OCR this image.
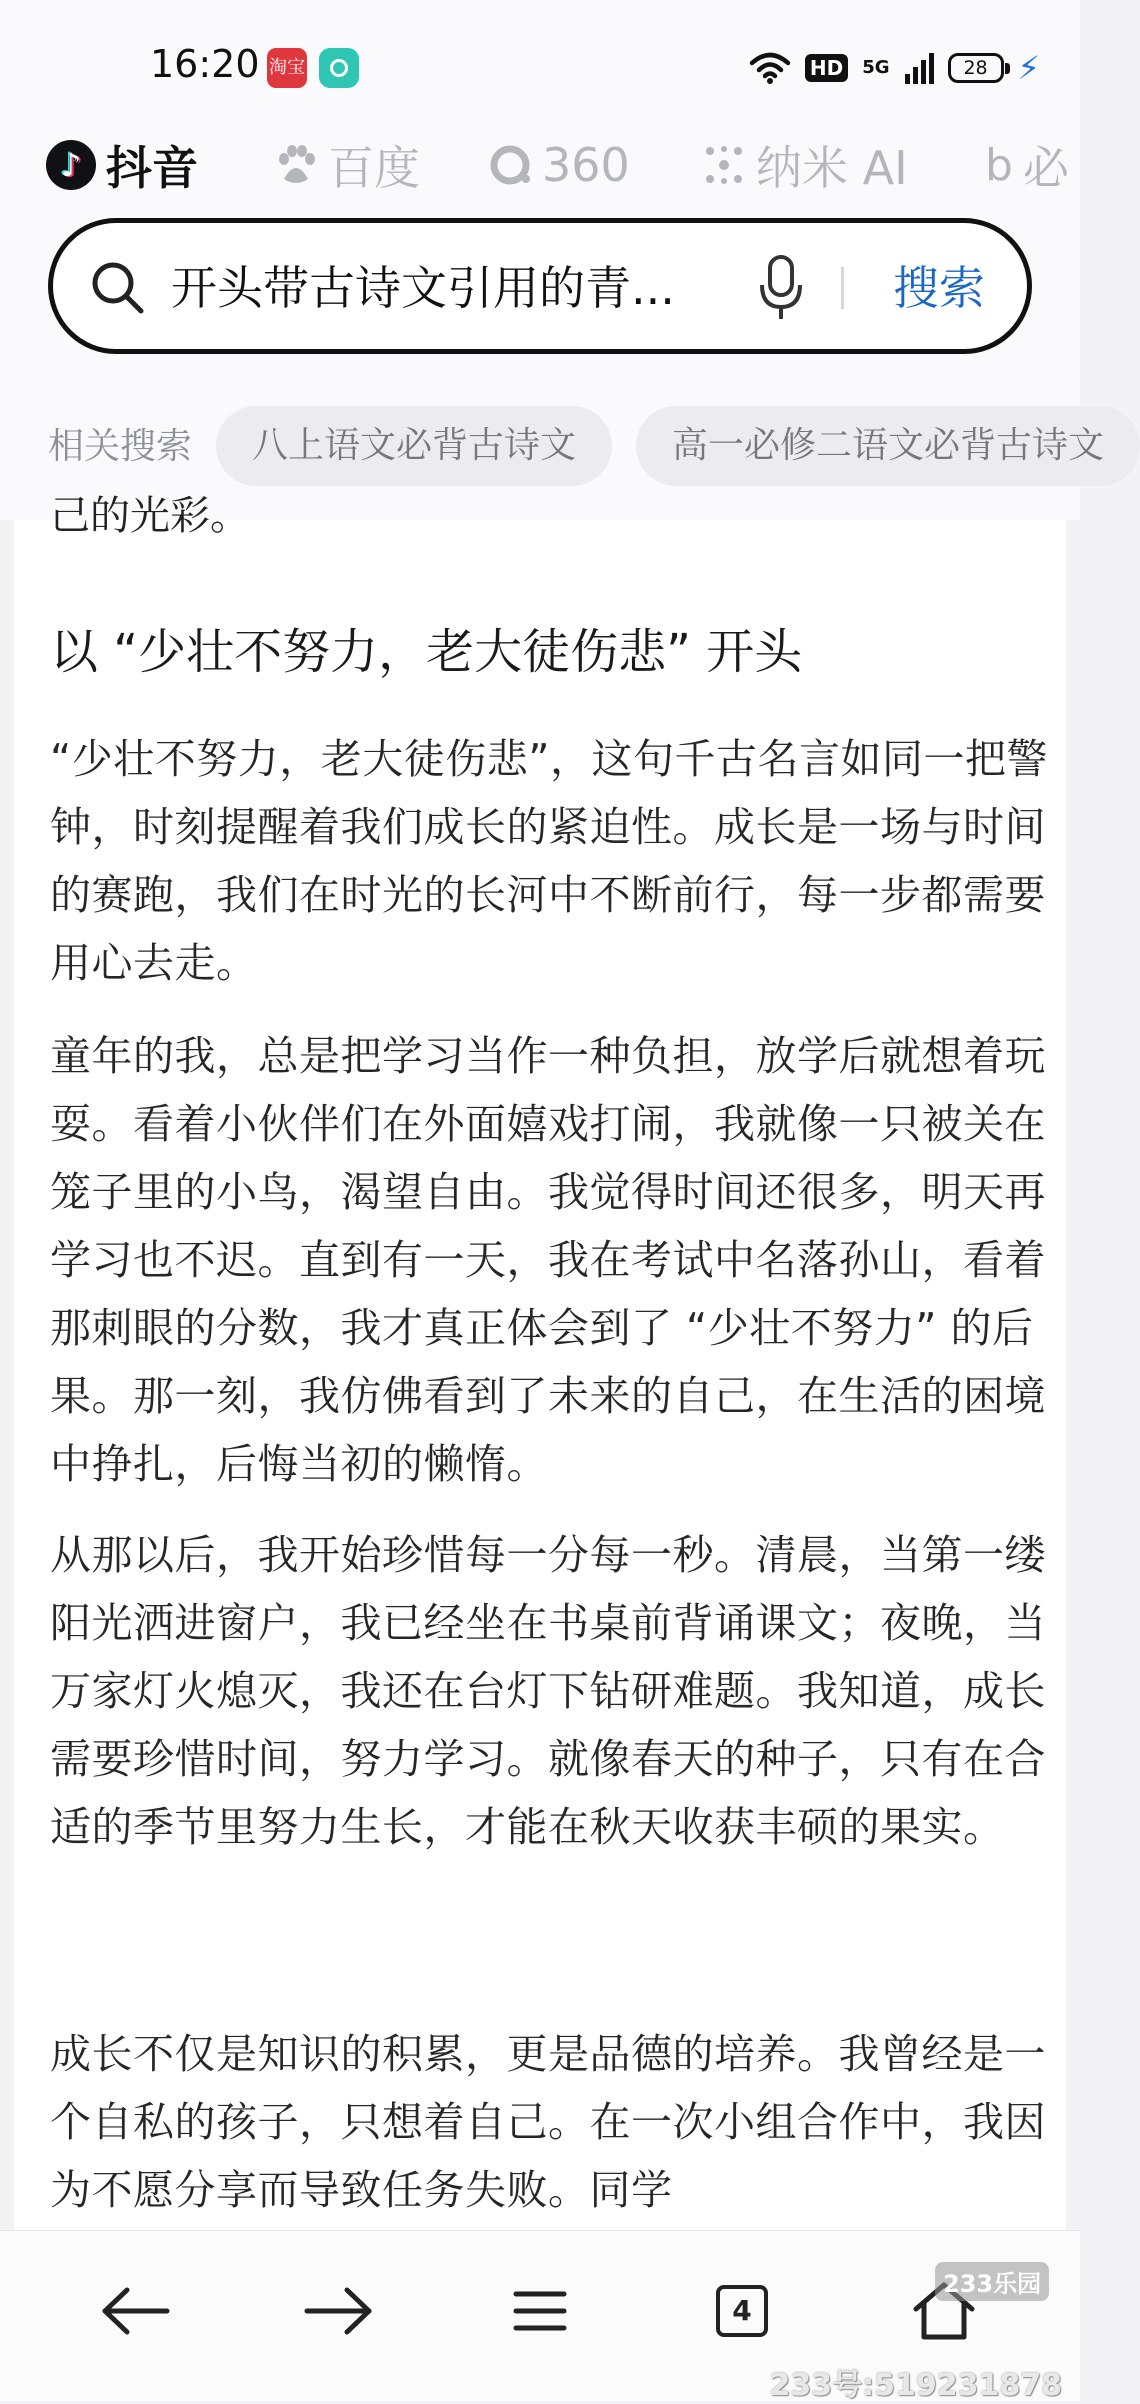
16:20 淘宝	HD 5G	28 ⚡
♪ 抖音	百度	360	纳米 AI b 必
开头带古诗文引用的青...	搜索
相关搜索	八上语文必背古诗文	高一必修二语文必背古诗文
己的光彩。
以 “少壮不努力，老大徒伤悲” 开头

“少壮不努力，老大徒伤悲”，这句千古名言如同一把警钟，时刻提醒着我们成长的紧迫性。成长是一场与时间的赛跑，我们在时光的长河中不断前行，每一步都需要用心去走。

童年的我，总是把学习当作一种负担，放学后就想着玩耍。看着小伙伴们在外面嬉戏打闹，我就像一只被关在笼子里的小鸟，渴望自由。我觉得时间还很多，明天再学习也不迟。直到有一天，我在考试中名落孙山，看着那刺眼的分数，我才真正体会到了 “少壮不努力” 的后果。那一刻，我仿佛看到了未来的自己，在生活的困境中挣扎，后悔当初的懒惰。

从那以后，我开始珍惜每一分每一秒。清晨，当第一缕阳光洒进窗户，我已经坐在书桌前背诵课文；夜晚，当万家灯火熄灭，我还在台灯下钻研难题。我知道，成长需要珍惜时间，努力学习。就像春天的种子，只有在合适的季节里努力生长，才能在秋天收获丰硕的果实。

成长不仅是知识的积累，更是品德的培养。我曾经是一个自私的孩子，只想着自己。在一次小组合作中，我因为不愿分享而导致任务失败。同学

4
233乐园
233号:519231878
